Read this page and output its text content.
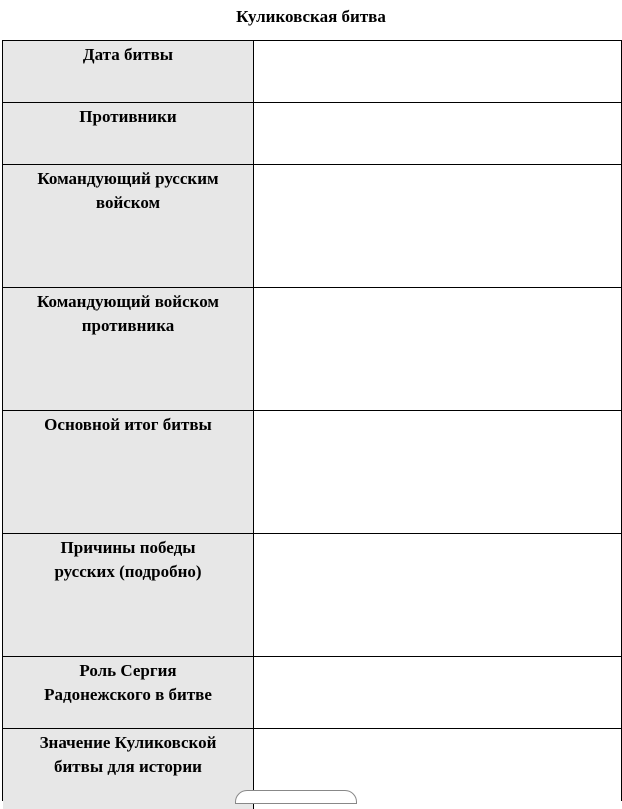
Куликовская битва
Дата битвы
Противники
Командующий русским
войском
Командующий войском
противника
Основной итог битвы
Причины победы
русских (подробно)
Роль Сергия
Радонежского в битве
Значение Куликовской
битвы для истории
